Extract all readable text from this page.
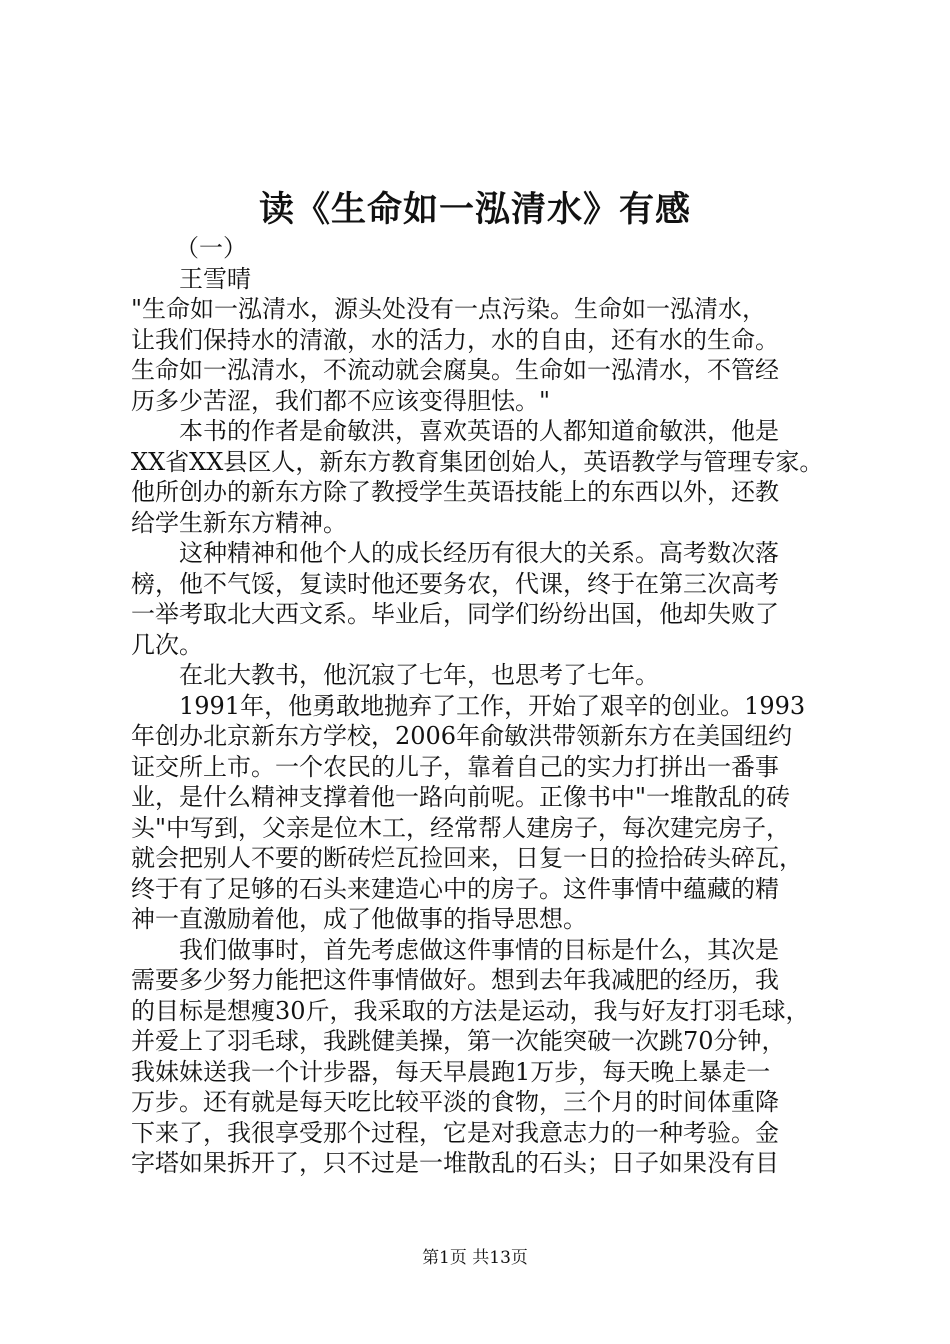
读《生命如一泓清水》有感
（一）
王雪晴
"生命如一泓清水，源头处没有一点污染。生命如一泓清水，
让我们保持水的清澈，水的活力，水的自由，还有水的生命。
生命如一泓清水，不流动就会腐臭。生命如一泓清水，不管经
历多少苦涩，我们都不应该变得胆怯。"
本书的作者是俞敏洪，喜欢英语的人都知道俞敏洪，他是
XX省XX县区人，新东方教育集团创始人，英语教学与管理专家。
他所创办的新东方除了教授学生英语技能上的东西以外，还教
给学生新东方精神。
这种精神和他个人的成长经历有很大的关系。高考数次落
榜，他不气馁，复读时他还要务农，代课，终于在第三次高考
一举考取北大西文系。毕业后，同学们纷纷出国，他却失败了
几次。
在北大教书，他沉寂了七年，也思考了七年。
1991年，他勇敢地抛弃了工作，开始了艰辛的创业。1993
年创办北京新东方学校，2006年俞敏洪带领新东方在美国纽约
证交所上市。一个农民的儿子，靠着自己的实力打拼出一番事
业，是什么精神支撑着他一路向前呢。正像书中"一堆散乱的砖
头"中写到，父亲是位木工，经常帮人建房子，每次建完房子，
就会把别人不要的断砖烂瓦捡回来，日复一日的捡拾砖头碎瓦，
终于有了足够的石头来建造心中的房子。这件事情中蕴藏的精
神一直激励着他，成了他做事的指导思想。
我们做事时，首先考虑做这件事情的目标是什么，其次是
需要多少努力能把这件事情做好。想到去年我减肥的经历，我
的目标是想瘦30斤，我采取的方法是运动，我与好友打羽毛球，
并爱上了羽毛球，我跳健美操，第一次能突破一次跳70分钟，
我妹妹送我一个计步器，每天早晨跑1万步，每天晚上暴走一
万步。还有就是每天吃比较平淡的食物，三个月的时间体重降
下来了，我很享受那个过程，它是对我意志力的一种考验。金
字塔如果拆开了，只不过是一堆散乱的石头；日子如果没有目
第1页 共13页
